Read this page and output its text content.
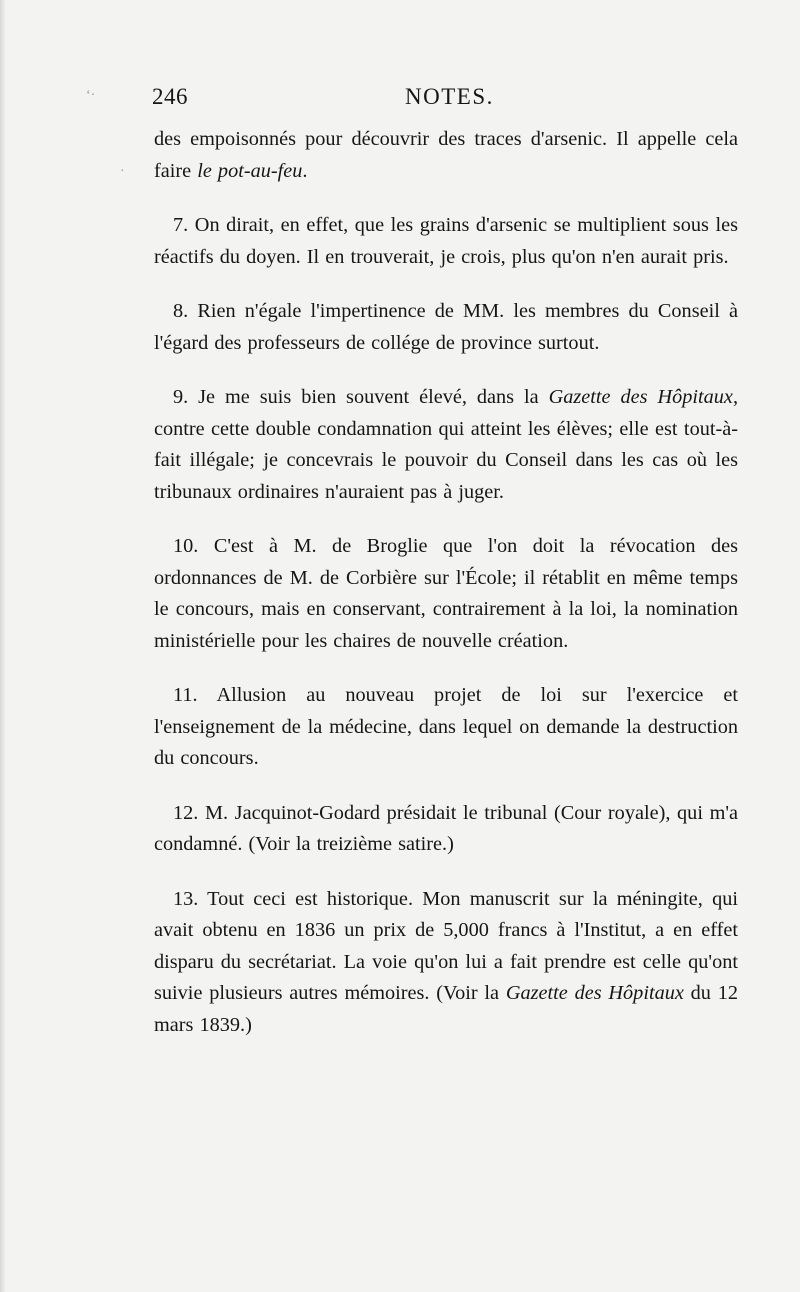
ʻ·
·
246	NOTES.

des empoisonnés pour découvrir des traces d'arsenic. Il appelle cela faire le pot-au-feu.

7. On dirait, en effet, que les grains d'arsenic se multiplient sous les réactifs du doyen. Il en trouverait, je crois, plus qu'on n'en aurait pris.

8. Rien n'égale l'impertinence de MM. les membres du Conseil à l'égard des professeurs de collége de province surtout.

9. Je me suis bien souvent élevé, dans la Gazette des Hôpitaux, contre cette double condamnation qui atteint les élèves; elle est tout-à-fait illégale; je concevrais le pouvoir du Conseil dans les cas où les tribunaux ordinaires n'auraient pas à juger.

10. C'est à M. de Broglie que l'on doit la révocation des ordonnances de M. de Corbière sur l'École; il rétablit en même temps le concours, mais en conservant, contrairement à la loi, la nomination ministérielle pour les chaires de nouvelle création.

11. Allusion au nouveau projet de loi sur l'exercice et l'enseignement de la médecine, dans lequel on demande la destruction du concours.

12. M. Jacquinot-Godard présidait le tribunal (Cour royale), qui m'a condamné. (Voir la treizième satire.)

13. Tout ceci est historique. Mon manuscrit sur la méningite, qui avait obtenu en 1836 un prix de 5,000 francs à l'Institut, a en effet disparu du secrétariat. La voie qu'on lui a fait prendre est celle qu'ont suivie plusieurs autres mémoires. (Voir la Gazette des Hôpitaux du 12 mars 1839.)
